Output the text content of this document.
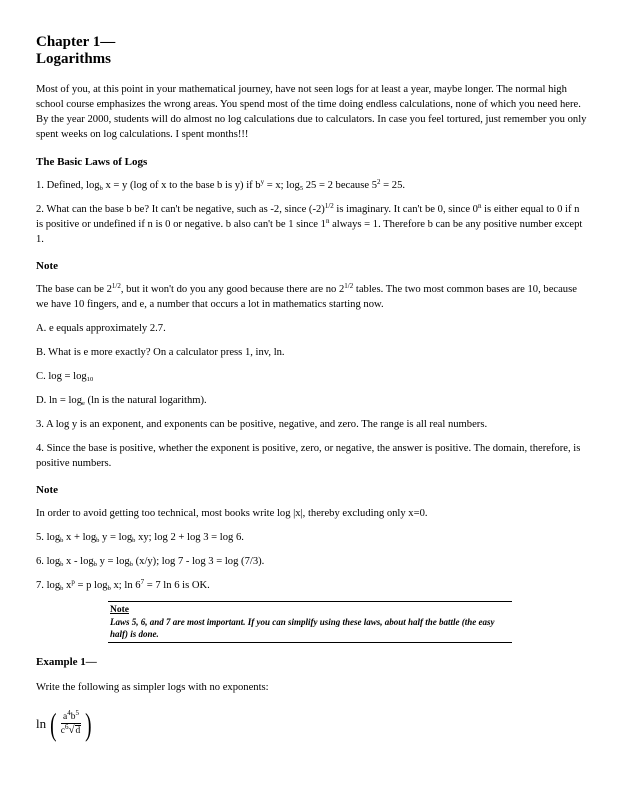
Chapter 1—

Logarithms

Most of you, at this point in your mathematical journey, have not seen logs for at least a year, maybe longer. The normal high school course emphasizes the wrong areas. You spend most of the time doing endless calculations, none of which you need here. By the year 2000, students will do almost no log calculations due to calculators. In case you feel tortured, just remember you only spent weeks on log calculations. I spent months!!!

The Basic Laws of Logs

1. Defined, $\log_b x = y$ (log of x to the base b is y) if $b^y = x$; $\log_5 25 = 2$ because $5^2 = 25$.

2. What can the base b be? It can't be negative, such as -2, since $(-2)^{1/2}$ is imaginary. It can't be 0, since 0$^n$ is either equal to 0 if n is positive or undefined if n is 0 or negative. b also can't be 1 since 1$^n$ always = 1. Therefore b can be any positive number except 1.

Note

The base can be $2^{1/2}$, but it won't do you any good because there are no $2^{1/2}$ tables. The two most common bases are 10, because we have 10 fingers, and e, a number that occurs a lot in mathematics starting now.

A. e equals approximately 2.7.

B. What is e more exactly? On a calculator press 1, inv, ln.

C. $\log = \log_{10}$

D. $\ln = \log_e (\ln$ is the natural logarithm).

3. A log y is an exponent, and exponents can be positive, negative, and zero. The range is all real numbers.

4. Since the base is positive, whether the exponent is positive, zero, or negative, the answer is positive. The domain, therefore, is positive numbers.

Note

In order to avoid getting too technical, most books write log |x|, thereby excluding only x=0.

5. $\log_b x + \log_b y = \log_b$ xy; log 2 + log 3 = log 6.

6. $\log_b x - \log_b y = \log_b (x/y)$; log 7 - log 3 = log (7/3).

7. $\log_b x^p = p$ $\log_b x$; $\ln 6^7 = 7$ ln 6 is OK.

Note
Laws 5, 6, and 7 are most important. If you can simplify using these laws, about half the battle (the easy half) is done.
Example 1—

Write the following as simpler logs with no exponents:

ln ( $\frac{a^4b^5}{c^6 √ d}$ )
